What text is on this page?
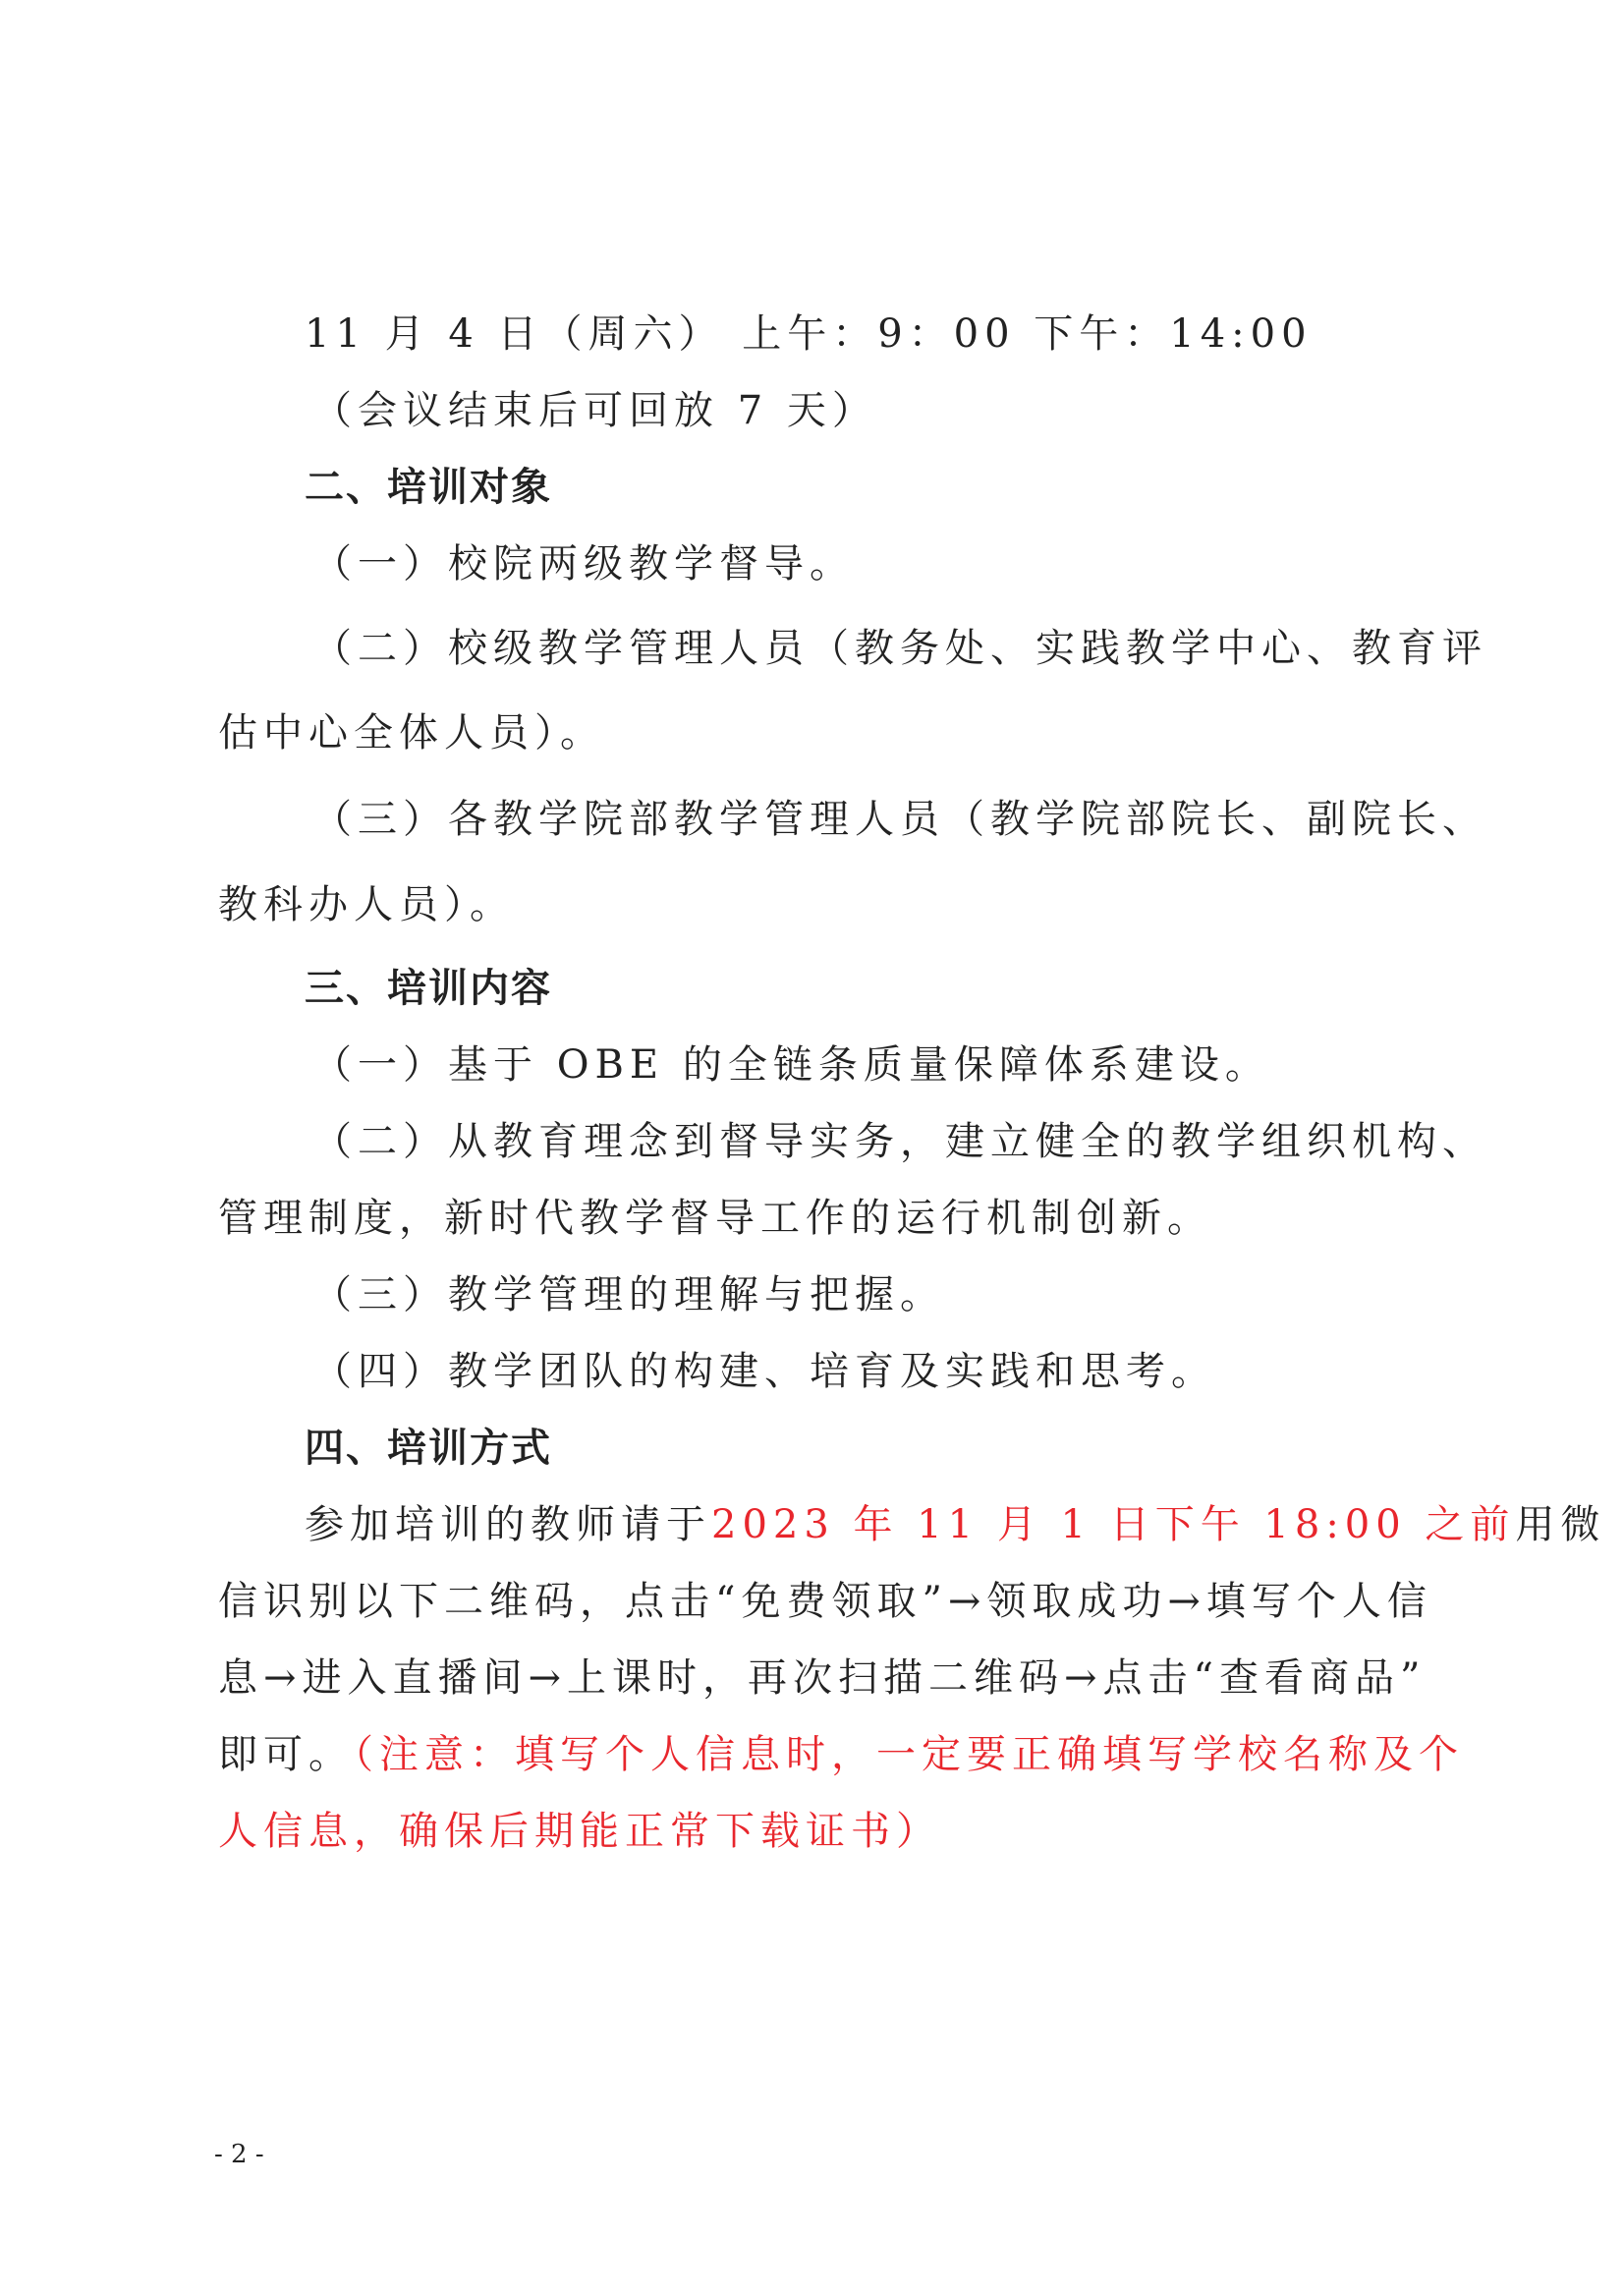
11 月 4 日（周六） 上午：9：00 下午：14:00
（会议结束后可回放 7 天）
二、培训对象
（一）校院两级教学督导。
（二）校级教学管理人员（教务处、实践教学中心、教育评
估中心全体人员）。
（三）各教学院部教学管理人员（教学院部院长、副院长、
教科办人员）。
三、培训内容
（一）基于 OBE 的全链条质量保障体系建设。
（二）从教育理念到督导实务，建立健全的教学组织机构、
管理制度，新时代教学督导工作的运行机制创新。
（三）教学管理的理解与把握。
（四）教学团队的构建、培育及实践和思考。
四、培训方式
参加培训的教师请于2023 年 11 月 1 日下午 18:00 之前用微
信识别以下二维码，点击“免费领取”→领取成功→填写个人信
息→进入直播间→上课时，再次扫描二维码→点击“查看商品”
即可。（注意：填写个人信息时，一定要正确填写学校名称及个
人信息，确保后期能正常下载证书）
- 2 -
